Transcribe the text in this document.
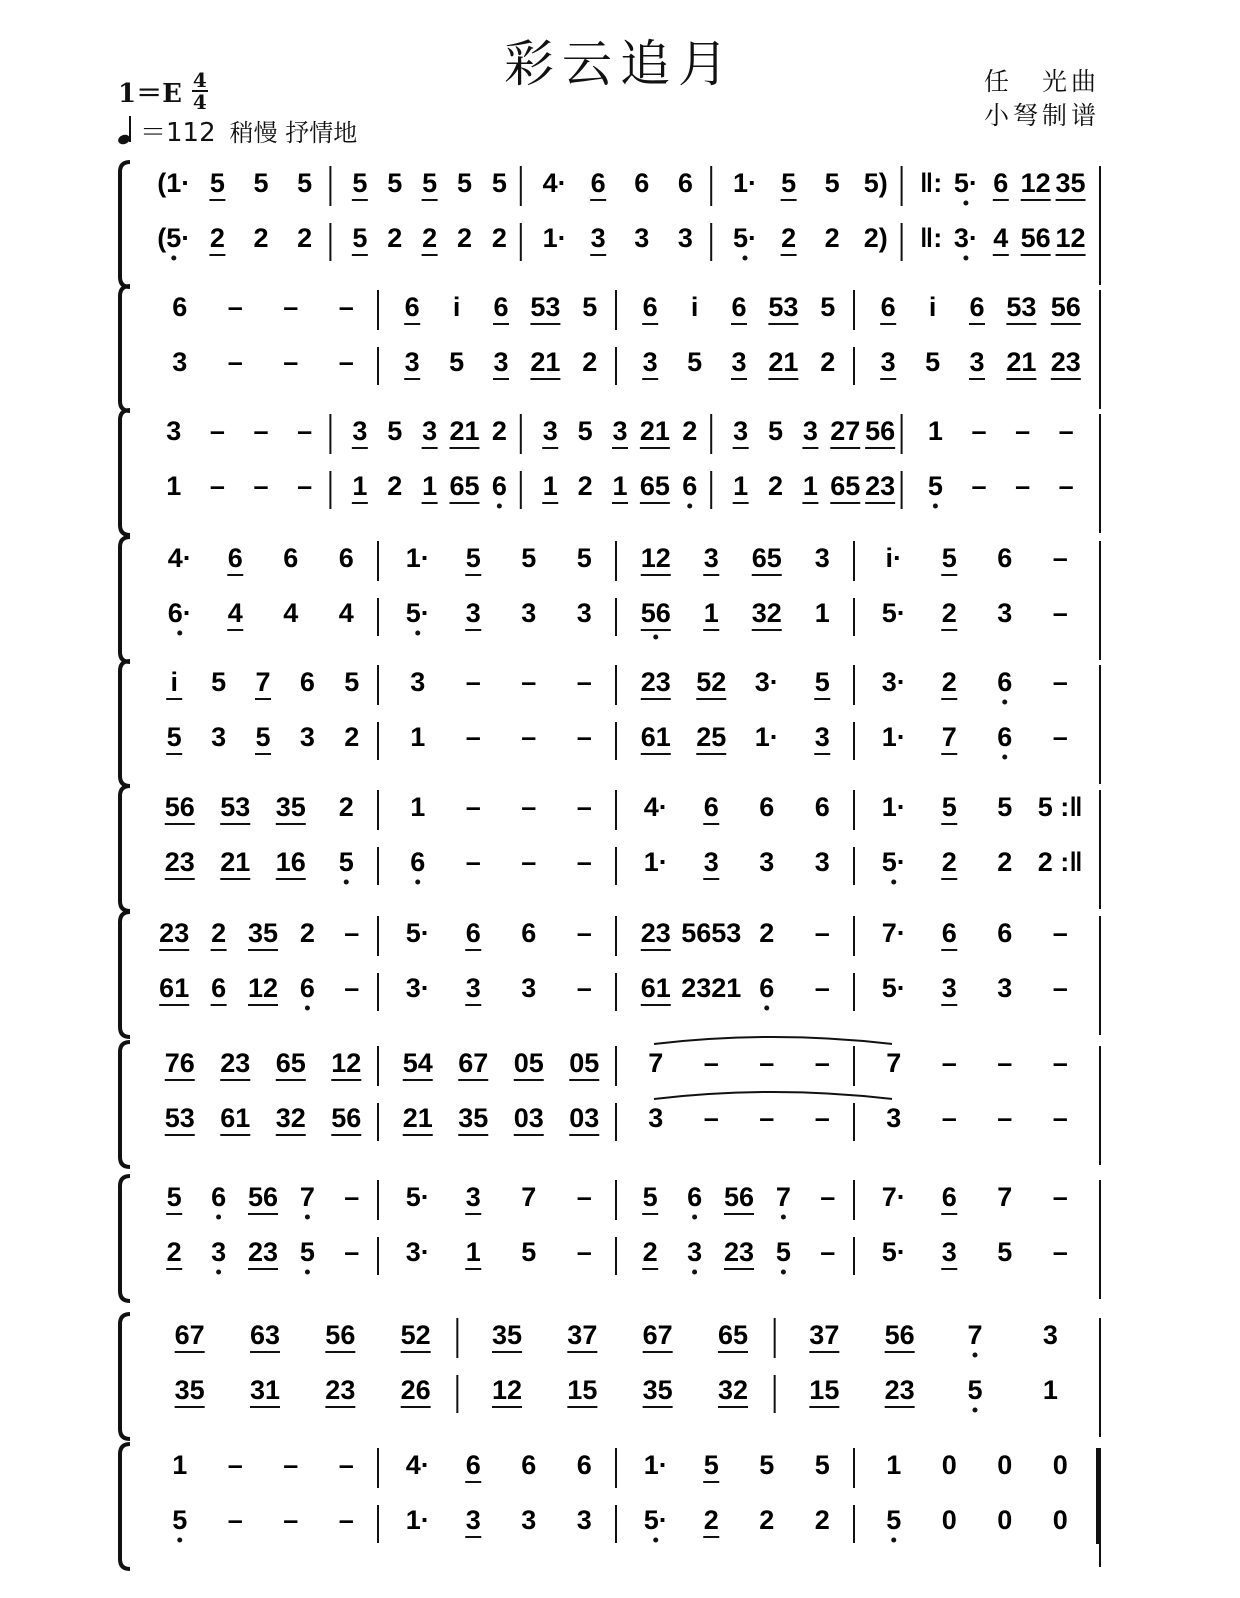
彩云追月
$1=E \frac{4}{4}$
＝112 稍慢 抒情地
任　光曲
小弩制谱
(1· 5 5 5 5 5 5 5 5 4· 6 6 6 1· 5 5 5) ‖: 5· 6 12 35
(5· 2 2 2 5 2 2 2 2 1· 3 3 3 5· 2 2 2) ‖: 3· 4 56 12
6 – – – 6 i 6 53 5 6 i 6 53 5 6 i 6 53 56
3 – – – 3 5 3 21 2 3 5 3 21 2 3 5 3 21 23
3 – – – 3 5 3 21 2 3 5 3 21 2 3 5 3 27 56 1 – – –
1 – – – 1 2 1 65 6 1 2 1 65 6 1 2 1 65 23 5 – – –
4· 6 6 6 1· 5 5 5 12 3 65 3 i· 5 6 –
6· 4 4 4 5· 3 3 3 56 1 32 1 5· 2 3 –
i 5 7 6 5 3 – – – 23 52 3· 5 3· 2 6 –
5 3 5 3 2 1 – – – 61 25 1· 3 1· 7 6 –
56 53 35 2 1 – – – 4· 6 6 6 1· 5 5 5 :‖
23 21 16 5 6 – – – 1· 3 3 3 5· 2 2 2 :‖
23 2 35 2 – 5· 6 6 – 23 5653 2 – 7· 6 6 –
61 6 12 6 – 3· 3 3 – 61 2321 6 – 5· 3 3 –
76 23 65 12 54 67 05 05 7 – – – 7 – – –
53 61 32 56 21 35 03 03 3 – – – 3 – – –
5 6 56 7 – 5· 3 7 – 5 6 56 7 – 7· 6 7 –
2 3 23 5 – 3· 1 5 – 2 3 23 5 – 5· 3 5 –
67 63 56 52 35 37 67 65 37 56 7 3
35 31 23 26 12 15 35 32 15 23 5 1
1 – – – 4· 6 6 6 1· 5 5 5 1 0 0 0
5 – – – 1· 3 3 3 5· 2 2 2 5 0 0 0
